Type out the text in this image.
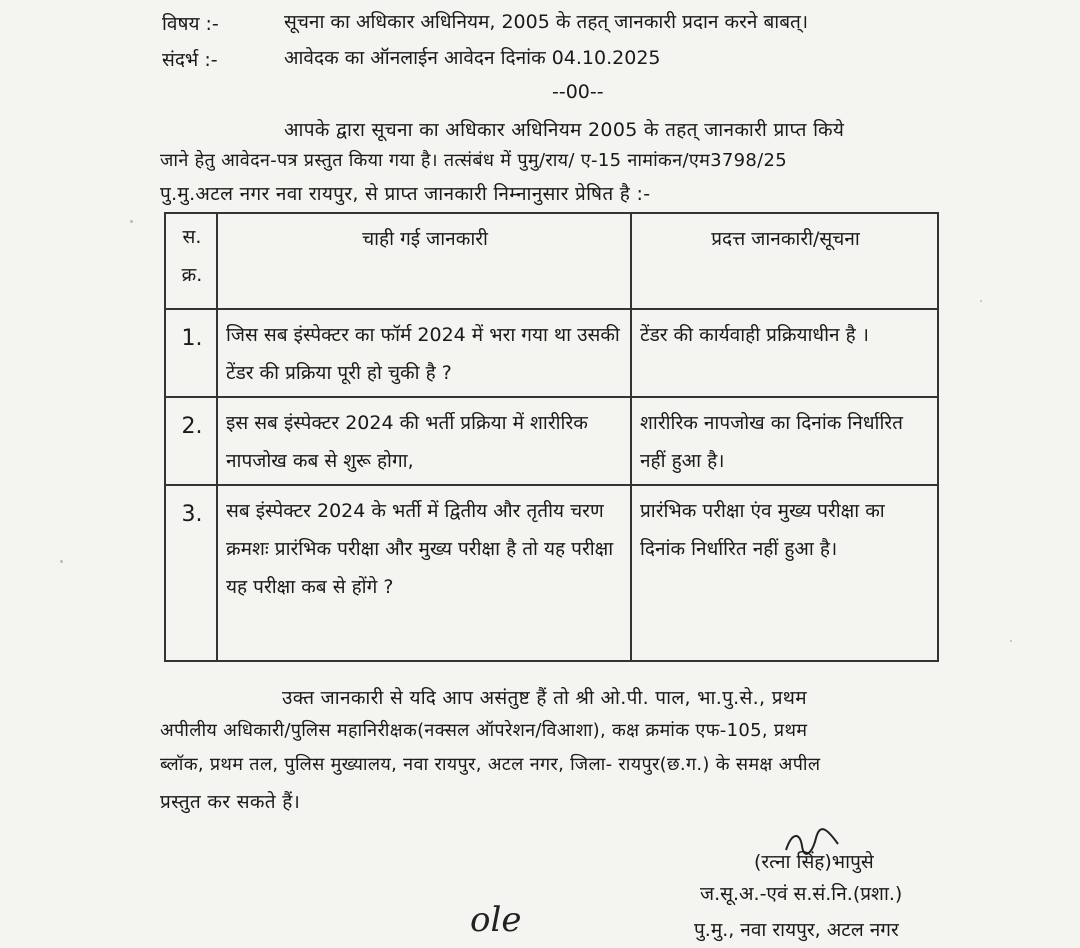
विषय :-	सूचना का अधिकार अधिनियम, 2005 के तहत् जानकारी प्रदान करने बाबत्।
संदर्भ :-	आवेदक का ऑनलाईन आवेदन दिनांक 04.10.2025
--00--
आपके द्वारा सूचना का अधिकार अधिनियम 2005 के तहत् जानकारी प्राप्त किये
जाने हेतु आवेदन-पत्र प्रस्तुत किया गया है। तत्संबंध में पुमु/राय/ ए-15 नामांकन/एम3798/25
पु.मु.अटल नगर नवा रायपुर, से प्राप्त जानकारी निम्नानुसार प्रेषित है :-
स.
क्र.	चाही गई जानकारी	प्रदत्त जानकारी/सूचना
1.	जिस सब इंस्पेक्टर का फॉर्म 2024 में भरा गया था उसकी टेंडर की प्रक्रिया पूरी हो चुकी है ?	टेंडर की कार्यवाही प्रक्रियाधीन है ।
2.	इस सब इंस्पेक्टर 2024 की भर्ती प्रक्रिया में शारीरिक नापजोख कब से शुरू होगा,	शारीरिक नापजोख का दिनांक निर्धारित नहीं हुआ है।
3.	सब इंस्पेक्टर 2024 के भर्ती में द्वितीय और तृतीय चरण क्रमशः प्रारंभिक परीक्षा और मुख्य परीक्षा है तो यह परीक्षा यह परीक्षा कब से होंगे ?	प्रारंभिक परीक्षा एंव मुख्य परीक्षा का दिनांक निर्धारित नहीं हुआ है।
उक्त जानकारी से यदि आप असंतुष्ट हैं तो श्री ओ.पी. पाल, भा.पु.से., प्रथम
अपीलीय अधिकारी/पुलिस महानिरीक्षक(नक्सल ऑपरेशन/विआशा), कक्ष क्रमांक एफ-105, प्रथम
ब्लॉक, प्रथम तल, पुलिस मुख्यालय, नवा रायपुर, अटल नगर, जिला- रायपुर(छ.ग.) के समक्ष अपील
प्रस्तुत कर सकते हैं।
(रत्ना सिंह)भापुसे
ज.सू.अ.-एवं स.सं.नि.(प्रशा.)
पु.मु., नवा रायपुर, अटल नगर
ole
